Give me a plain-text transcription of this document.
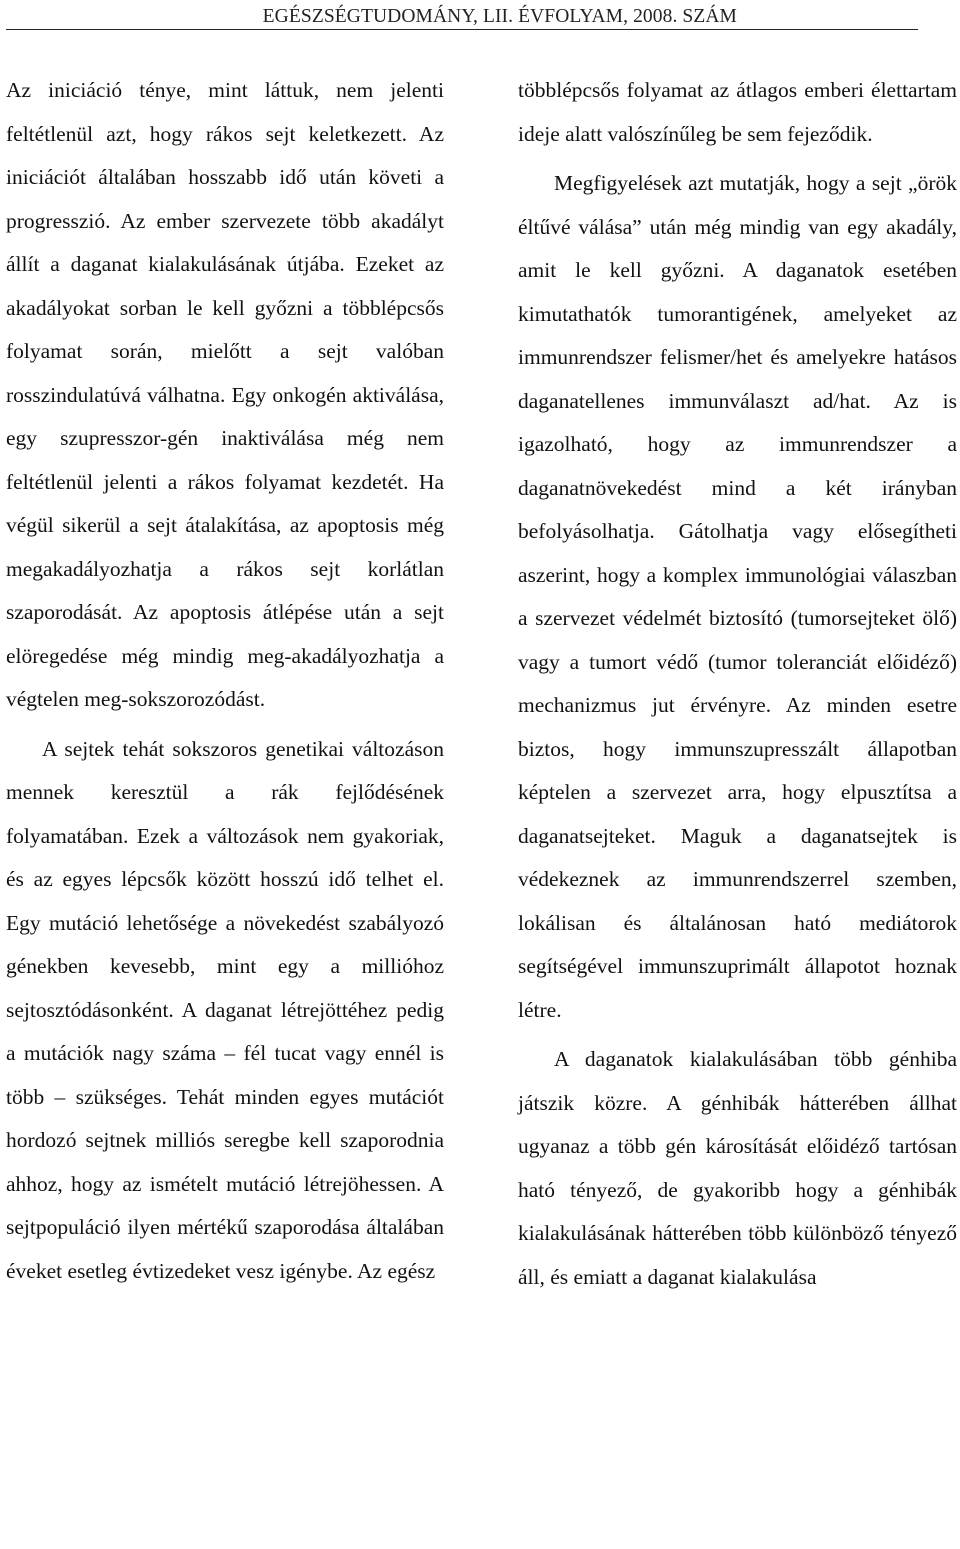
EGÉSZSÉGTUDOMÁNY, LII. ÉVFOLYAM, 2008. SZÁM

Az iniciáció ténye, mint láttuk, nem jelenti feltétlenül azt, hogy rákos sejt keletkezett. Az iniciációt általában hosszabb idő után követi a progresszió. Az ember szervezete több akadályt állít a daganat kialakulásának útjába. Ezeket az akadályokat sorban le kell győzni a többlépcsős folyamat során, mielőtt a sejt valóban rosszindulatúvá válhatna. Egy onkogén aktiválása, egy szupresszor-gén inaktiválása még nem feltétlenül jelenti a rákos folyamat kezdetét. Ha végül sikerül a sejt átalakítása, az apoptosis még megakadályozhatja a rákos sejt korlátlan szaporodását. Az apoptosis átlépése után a sejt elöregedése még mindig meg-akadályozhatja a végtelen meg-sokszorozódást.

A sejtek tehát sokszoros genetikai változáson mennek keresztül a rák fejlődésének folyamatában. Ezek a változások nem gyakoriak, és az egyes lépcsők között hosszú idő telhet el. Egy mutáció lehetősége a növekedést szabályozó génekben kevesebb, mint egy a millióhoz sejtosztódásonként. A daganat létrejöttéhez pedig a mutációk nagy száma – fél tucat vagy ennél is több – szükséges. Tehát minden egyes mutációt hordozó sejtnek milliós seregbe kell szaporodnia ahhoz, hogy az ismételt mutáció létrejöhessen. A sejtpopuláció ilyen mértékű szaporodása általában éveket esetleg évtizedeket vesz igénybe. Az egész

többlépcsős folyamat az átlagos emberi élettartam ideje alatt valószínűleg be sem fejeződik.

Megfigyelések azt mutatják, hogy a sejt „örök éltűvé válása” után még mindig van egy akadály, amit le kell győzni. A daganatok esetében kimutathatók tumorantigének, amelyeket az immunrendszer felismer/het és amelyekre hatásos daganatellenes immunválaszt ad/hat. Az is igazolható, hogy az immunrendszer a daganatnövekedést mind a két irányban befolyásolhatja. Gátolhatja vagy elősegítheti aszerint, hogy a komplex immunológiai válaszban a szervezet védelmét biztosító (tumorsejteket ölő) vagy a tumort védő (tumor toleranciát előidéző) mechanizmus jut érvényre. Az minden esetre biztos, hogy immunszupresszált állapotban képtelen a szervezet arra, hogy elpusztítsa a daganatsejteket. Maguk a daganatsejtek is védekeznek az immunrendszerrel szemben, lokálisan és általánosan ható mediátorok segítségével immunszuprimált állapotot hoznak létre.

A daganatok kialakulásában több génhiba játszik közre. A génhibák hátterében állhat ugyanaz a több gén károsítását előidéző tartósan ható tényező, de gyakoribb hogy a génhibák kialakulásának hátterében több különböző tényező áll, és emiatt a daganat kialakulása
